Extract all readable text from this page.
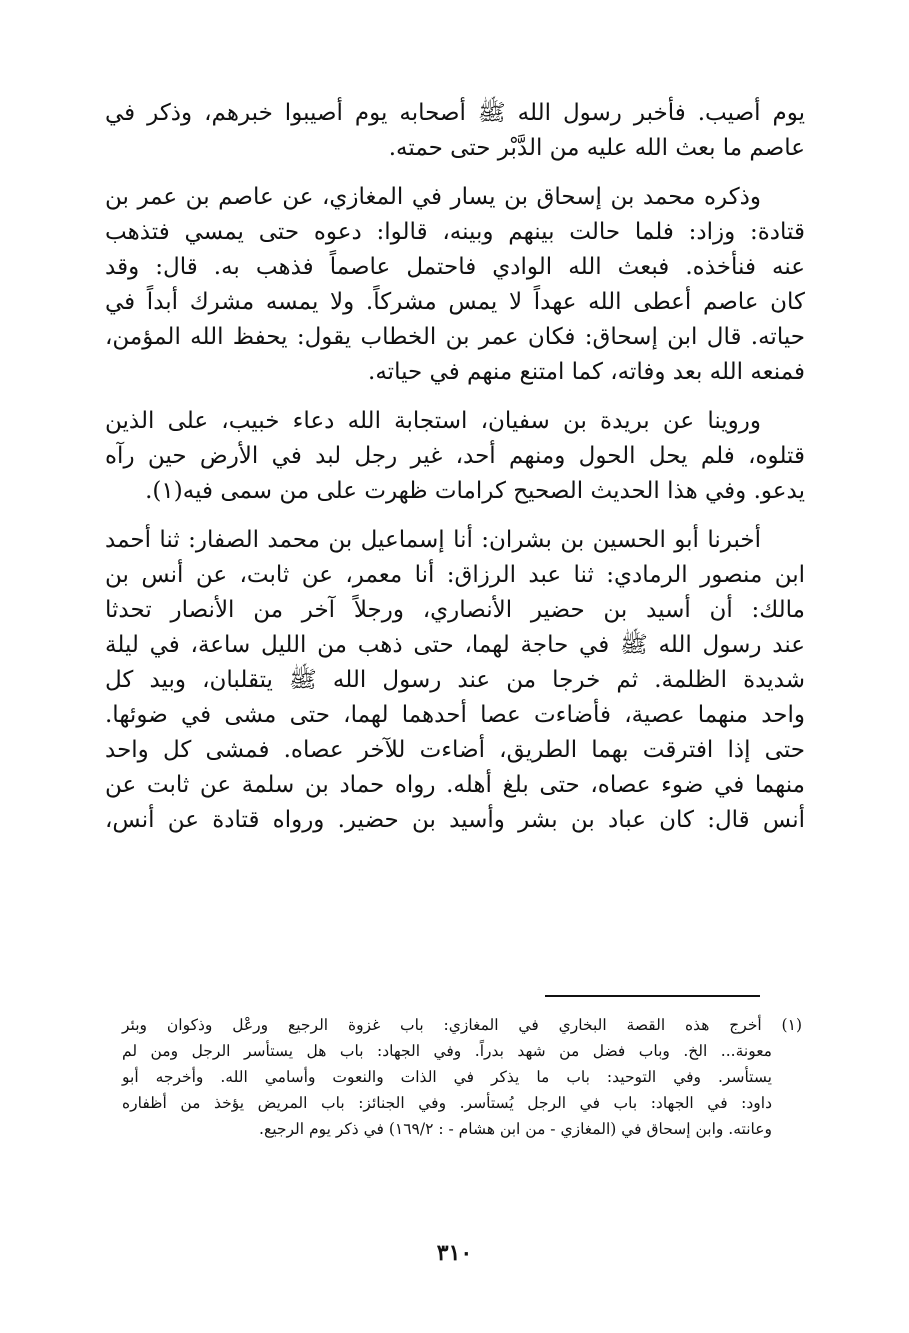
يوم أصيب. فأخبر رسول الله ﷺ أصحابه يوم أصيبوا خبرهم، وذكر في
عاصم ما بعث الله عليه من الدَّبْر حتى حمته.
وذكره محمد بن إسحاق بن يسار في المغازي، عن عاصم بن عمر بن
قتادة: وزاد: فلما حالت بينهم وبينه، قالوا: دعوه حتى يمسي فتذهب
عنه فنأخذه. فبعث الله الوادي فاحتمل عاصماً فذهب به. قال: وقد
كان عاصم أعطى الله عهداً لا يمس مشركاً. ولا يمسه مشرك أبداً في
حياته. قال ابن إسحاق: فكان عمر بن الخطاب يقول: يحفظ الله المؤمن،
فمنعه الله بعد وفاته، كما امتنع منهم في حياته.
وروينا عن بريدة بن سفيان، استجابة الله دعاء خبيب، على الذين
قتلوه، فلم يحل الحول ومنهم أحد، غير رجل لبد في الأرض حين رآه
يدعو. وفي هذا الحديث الصحيح كرامات ظهرت على من سمى فيه(١).
أخبرنا أبو الحسين بن بشران: أنا إسماعيل بن محمد الصفار: ثنا أحمد
ابن منصور الرمادي: ثنا عبد الرزاق: أنا معمر، عن ثابت، عن أنس بن
مالك: أن أسيد بن حضير الأنصاري، ورجلاً آخر من الأنصار تحدثا
عند رسول الله ﷺ في حاجة لهما، حتى ذهب من الليل ساعة، في ليلة
شديدة الظلمة. ثم خرجا من عند رسول الله ﷺ يتقلبان، وبيد كل
واحد منهما عصية، فأضاءت عصا أحدهما لهما، حتى مشى في ضوئها.
حتى إذا افترقت بهما الطريق، أضاءت للآخر عصاه. فمشى كل واحد
منهما في ضوء عصاه، حتى بلغ أهله. رواه حماد بن سلمة عن ثابت عن
أنس قال: كان عباد بن بشر وأسيد بن حضير. ورواه قتادة عن أنس،
(١) أخرج هذه القصة البخاري في المغازي: باب غزوة الرجيع ورعْل وذكوان وبئر
معونة... الخ. وباب فضل من شهد بدراً. وفي الجهاد: باب هل يستأسر الرجل ومن لم
يستأسر. وفي التوحيد: باب ما يذكر في الذات والنعوت وأسامي الله. وأخرجه أبو
داود: في الجهاد: باب في الرجل يُستأسر. وفي الجنائز: باب المريض يؤخذ من أظفاره
وعانته. وابن إسحاق في (المغازي - من ابن هشام - : ١٦٩/٢) في ذكر يوم الرجيع.
٣١٠
